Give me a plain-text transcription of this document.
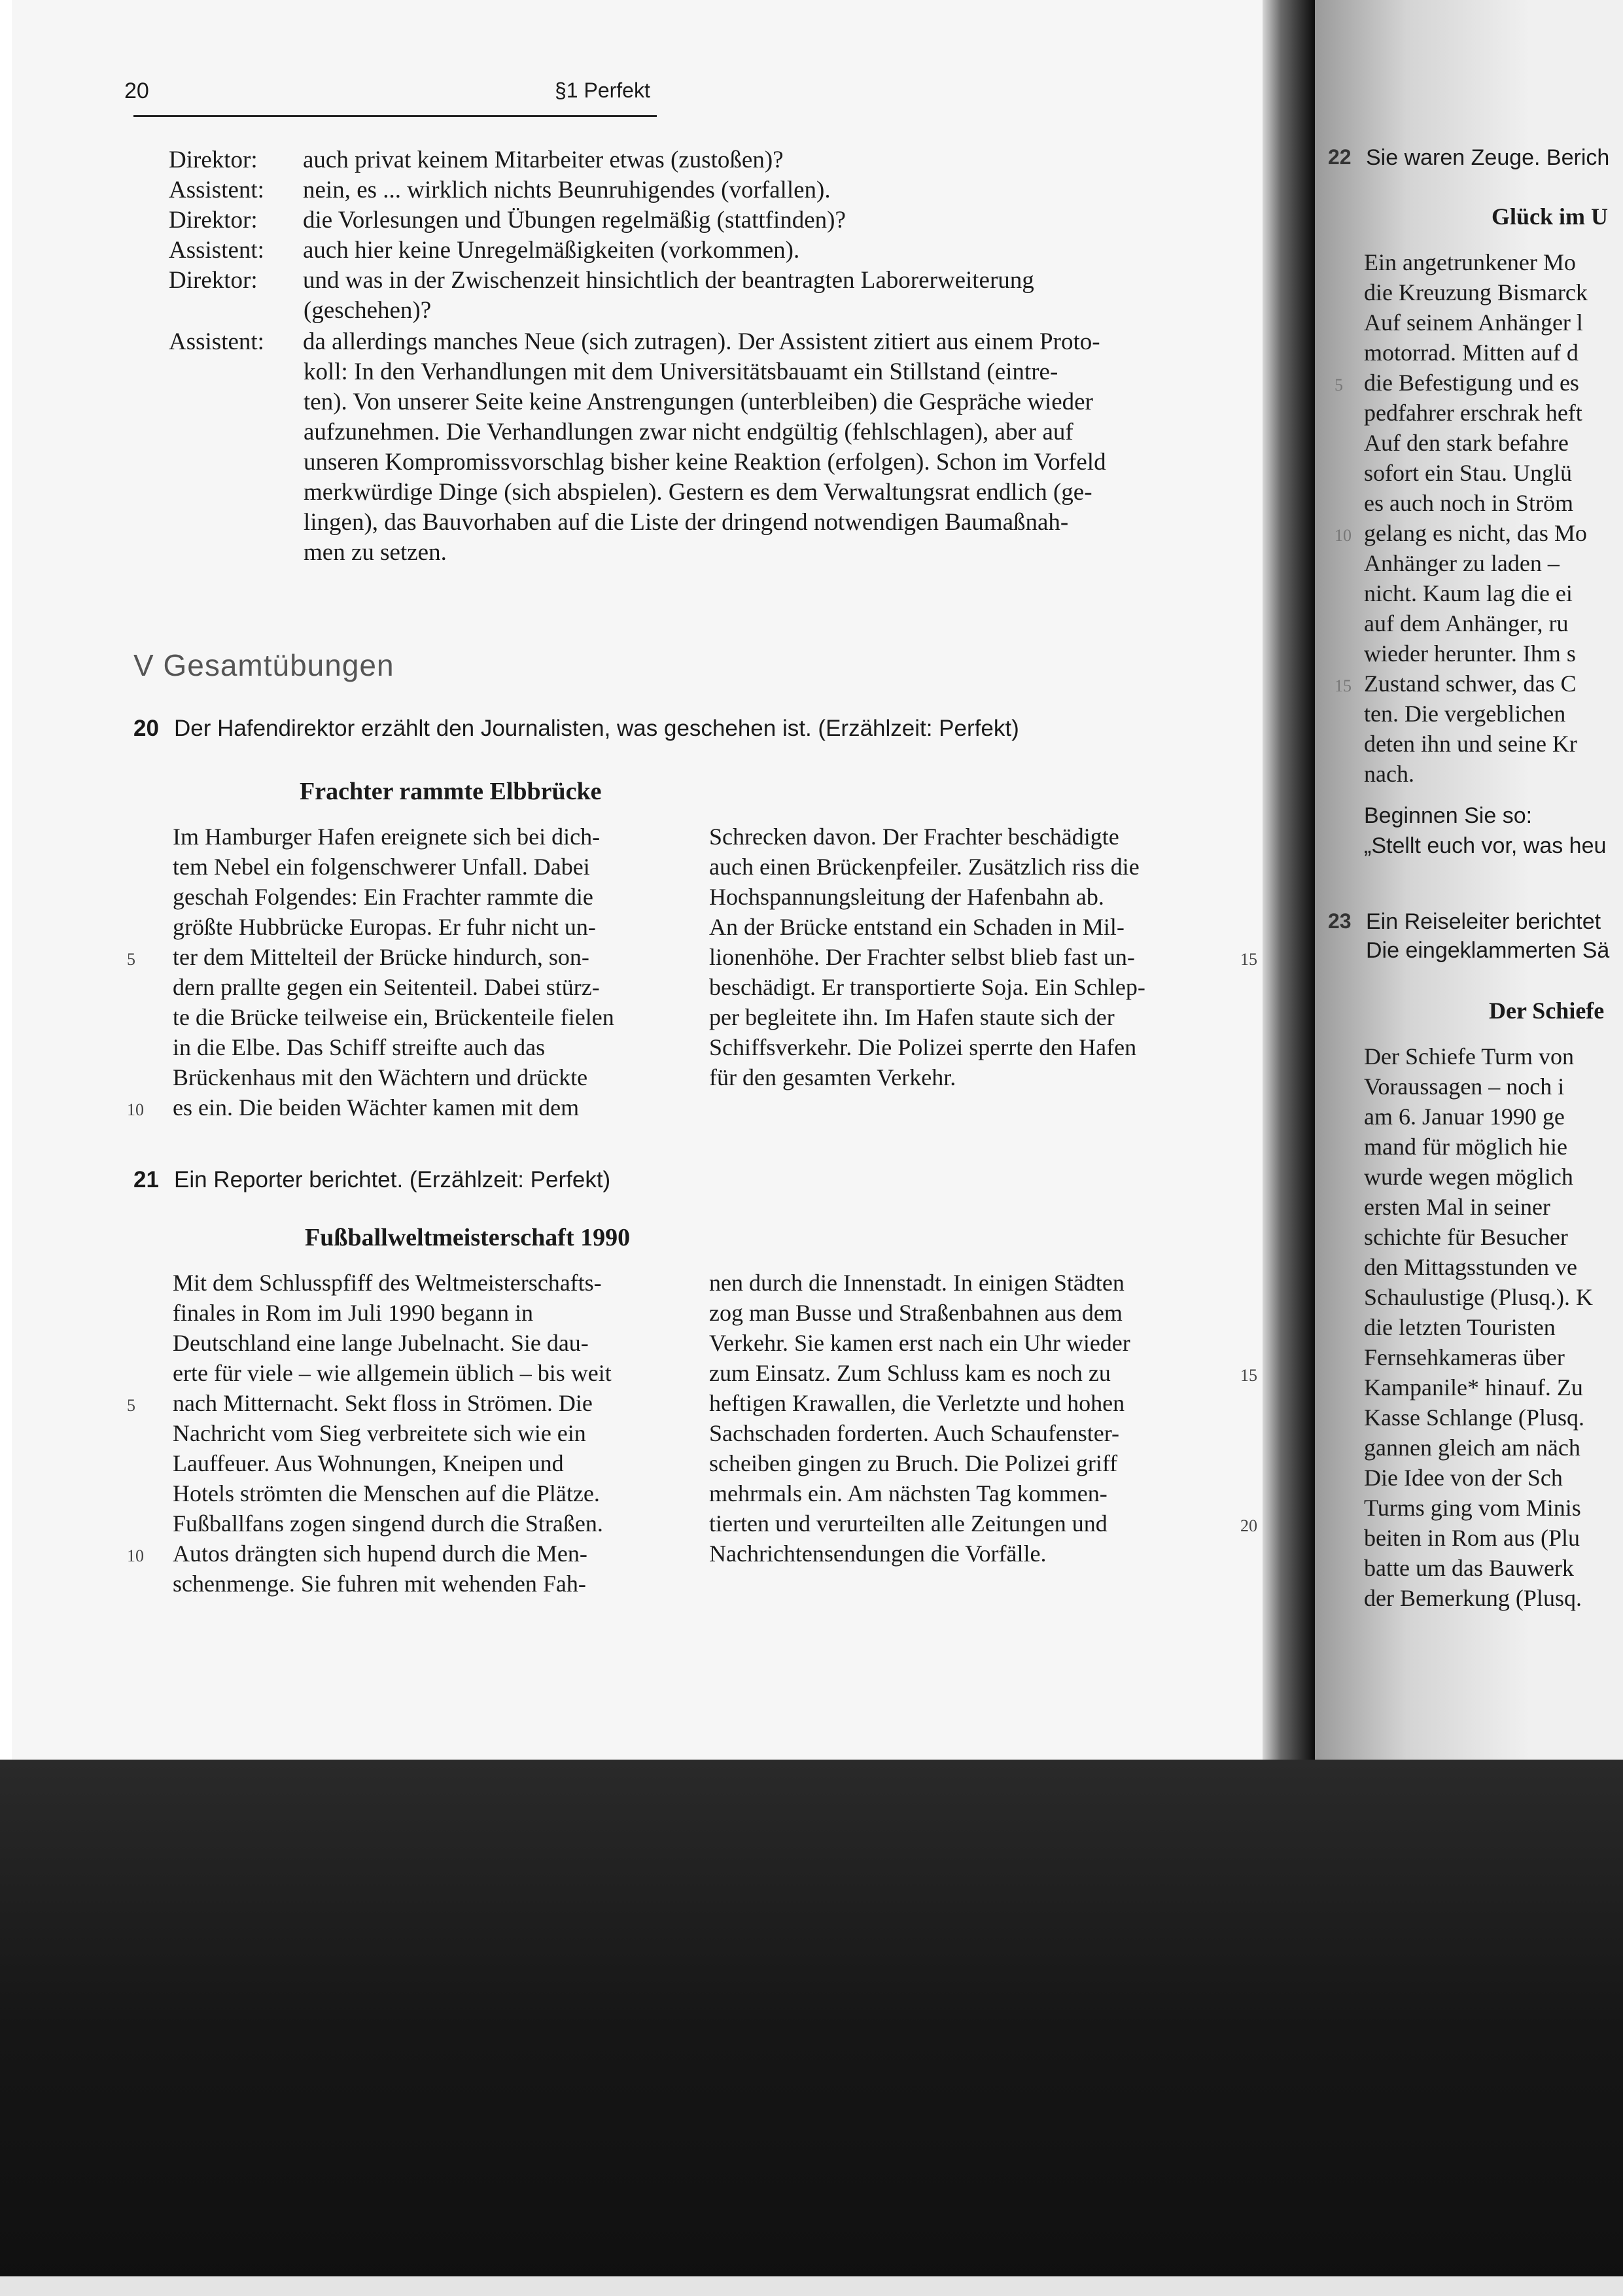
20	§1 Perfekt
Direktor: auch privat keinem Mitarbeiter etwas (zustoßen)?
Assistent: nein, es ... wirklich nichts Beunruhigendes (vorfallen).
Direktor: die Vorlesungen und Übungen regelmäßig (stattfinden)?
Assistent: auch hier keine Unregelmäßigkeiten (vorkommen).
Direktor: und was in der Zwischenzeit hinsichtlich der beantragten Laborerweiterung
(geschehen)?
Assistent: da allerdings manches Neue (sich zutragen). Der Assistent zitiert aus einem Proto-
koll: In den Verhandlungen mit dem Universitätsbauamt ein Stillstand (eintre-
ten). Von unserer Seite keine Anstrengungen (unterbleiben) die Gespräche wieder
aufzunehmen. Die Verhandlungen zwar nicht endgültig (fehlschlagen), aber auf
unseren Kompromissvorschlag bisher keine Reaktion (erfolgen). Schon im Vorfeld
merkwürdige Dinge (sich abspielen). Gestern es dem Verwaltungsrat endlich (ge-
lingen), das Bauvorhaben auf die Liste der dringend notwendigen Baumaßnah-
men zu setzen.
V Gesamtübungen
20 Der Hafendirektor erzählt den Journalisten, was geschehen ist. (Erzählzeit: Perfekt)
Frachter rammte Elbbrücke
Im Hamburger Hafen ereignete sich bei dich-
tem Nebel ein folgenschwerer Unfall. Dabei
geschah Folgendes: Ein Frachter rammte die
größte Hubbrücke Europas. Er fuhr nicht un-
ter dem Mittelteil der Brücke hindurch, son-
dern prallte gegen ein Seitenteil. Dabei stürz-
te die Brücke teilweise ein, Brückenteile fielen
in die Elbe. Das Schiff streifte auch das
Brückenhaus mit den Wächtern und drückte
es ein. Die beiden Wächter kamen mit dem
5
10
Schrecken davon. Der Frachter beschädigte
auch einen Brückenpfeiler. Zusätzlich riss die
Hochspannungsleitung der Hafenbahn ab.
An der Brücke entstand ein Schaden in Mil-
lionenhöhe. Der Frachter selbst blieb fast un-
beschädigt. Er transportierte Soja. Ein Schlep-
per begleitete ihn. Im Hafen staute sich der
Schiffsverkehr. Die Polizei sperrte den Hafen
für den gesamten Verkehr.
15
21 Ein Reporter berichtet. (Erzählzeit: Perfekt)
Fußballweltmeisterschaft 1990
Mit dem Schlusspfiff des Weltmeisterschafts-
finales in Rom im Juli 1990 begann in
Deutschland eine lange Jubelnacht. Sie dau-
erte für viele – wie allgemein üblich – bis weit
nach Mitternacht. Sekt floss in Strömen. Die
Nachricht vom Sieg verbreitete sich wie ein
Lauffeuer. Aus Wohnungen, Kneipen und
Hotels strömten die Menschen auf die Plätze.
Fußballfans zogen singend durch die Straßen.
Autos drängten sich hupend durch die Men-
schenmenge. Sie fuhren mit wehenden Fah-
5
10
nen durch die Innenstadt. In einigen Städten
zog man Busse und Straßenbahnen aus dem
Verkehr. Sie kamen erst nach ein Uhr wieder
zum Einsatz. Zum Schluss kam es noch zu
heftigen Krawallen, die Verletzte und hohen
Sachschaden forderten. Auch Schaufenster-
scheiben gingen zu Bruch. Die Polizei griff
mehrmals ein. Am nächsten Tag kommen-
tierten und verurteilten alle Zeitungen und
Nachrichtensendungen die Vorfälle.
15
20
22 Sie waren Zeuge. Berich
Glück im U
Ein angetrunkener Mo
die Kreuzung Bismarck
Auf seinem Anhänger l
motorrad. Mitten auf d
die Befestigung und es
pedfahrer erschrak heft
Auf den stark befahre
sofort ein Stau. Unglü
es auch noch in Ström
gelang es nicht, das Mo
Anhänger zu laden –
nicht. Kaum lag die ei
auf dem Anhänger, ru
wieder herunter. Ihm s
Zustand schwer, das C
ten. Die vergeblichen
deten ihn und seine Kr
nach.
5
10
15
Beginnen Sie so:
„Stellt euch vor, was heu
23 Ein Reiseleiter berichtet
Die eingeklammerten Sä
Der Schiefe
Der Schiefe Turm von
Voraussagen – noch i
am 6. Januar 1990 ge
mand für möglich hie
wurde wegen möglich
ersten Mal in seiner
schichte für Besucher
den Mittagsstunden ve
Schaulustige (Plusq.). K
die letzten Touristen
Fernsehkameras über
Kampanile* hinauf. Zu
Kasse Schlange (Plusq.
gannen gleich am näch
Die Idee von der Sch
Turms ging vom Minis
beiten in Rom aus (Plu
batte um das Bauwerk
der Bemerkung (Plusq.
